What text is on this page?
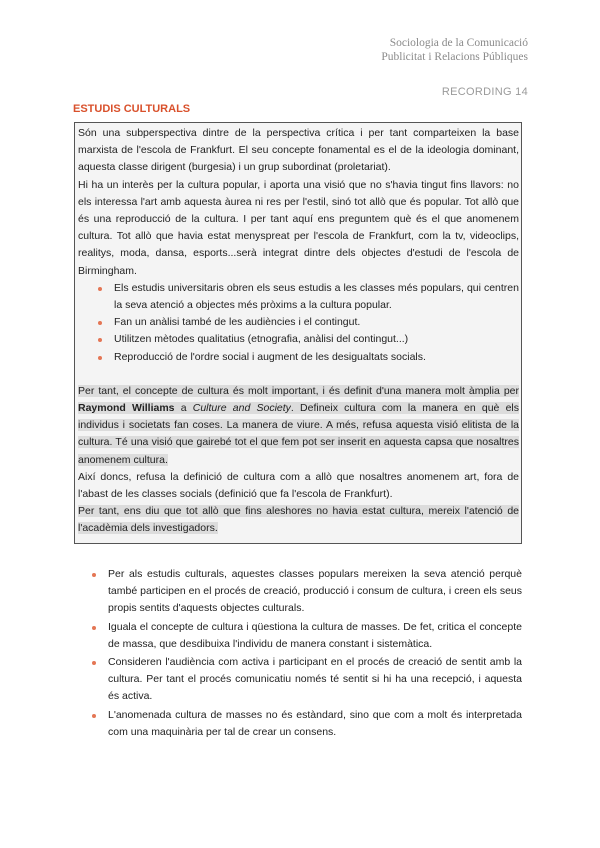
Sociologia de la Comunicació
Publicitat i Relacions Públiques
RECORDING 14
ESTUDIS CULTURALS

Són una subperspectiva dintre de la perspectiva crítica i per tant comparteixen la base marxista de l'escola de Frankfurt. El seu concepte fonamental es el de la ideologia dominant, aquesta classe dirigent (burgesia) i un grup subordinat (proletariat).

Hi ha un interès per la cultura popular, i aporta una visió que no s'havia tingut fins llavors: no els interessa l'art amb aquesta àurea ni res per l'estil, sinó tot allò que és popular. Tot allò que és una reproducció de la cultura. I per tant aquí ens preguntem què és el que anomenem cultura. Tot allò que havia estat menyspreat per l'escola de Frankfurt, com la tv, videoclips, realitys, moda, dansa, esports...serà integrat dintre dels objectes d'estudi de l'escola de Birmingham.

Els estudis universitaris obren els seus estudis a les classes més populars, qui centren la seva atenció a objectes més pròxims a la cultura popular.
Fan un anàlisi també de les audiències i el contingut.
Utilitzen mètodes qualitatius (etnografia, anàlisi del contingut...)
Reproducció de l'ordre social i augment de les desigualtats socials.

Per tant, el concepte de cultura és molt important, i és definit d'una manera molt àmplia per Raymond Williams a Culture and Society. Defineix cultura com la manera en què els individus i societats fan coses. La manera de viure. A més, refusa aquesta visió elitista de la cultura. Té una visió que gairebé tot el que fem pot ser inserit en aquesta capsa que nosaltres anomenem cultura.

Així doncs, refusa la definició de cultura com a allò que nosaltres anomenem art, fora de l'abast de les classes socials (definició que fa l'escola de Frankfurt).

Per tant, ens diu que tot allò que fins aleshores no havia estat cultura, mereix l'atenció de l'acadèmia dels investigadors.

Per als estudis culturals, aquestes classes populars mereixen la seva atenció perquè també participen en el procés de creació, producció i consum de cultura, i creen els seus propis sentits d'aquests objectes culturals.
Iguala el concepte de cultura i qüestiona la cultura de masses. De fet, critica el concepte de massa, que desdibuixa l'individu de manera constant i sistemàtica.
Consideren l'audiència com activa i participant en el procés de creació de sentit amb la cultura. Per tant el procés comunicatiu només té sentit si hi ha una recepció, i aquesta és activa.
L'anomenada cultura de masses no és estàndard, sino que com a molt és interpretada com una maquinària per tal de crear un consens.
